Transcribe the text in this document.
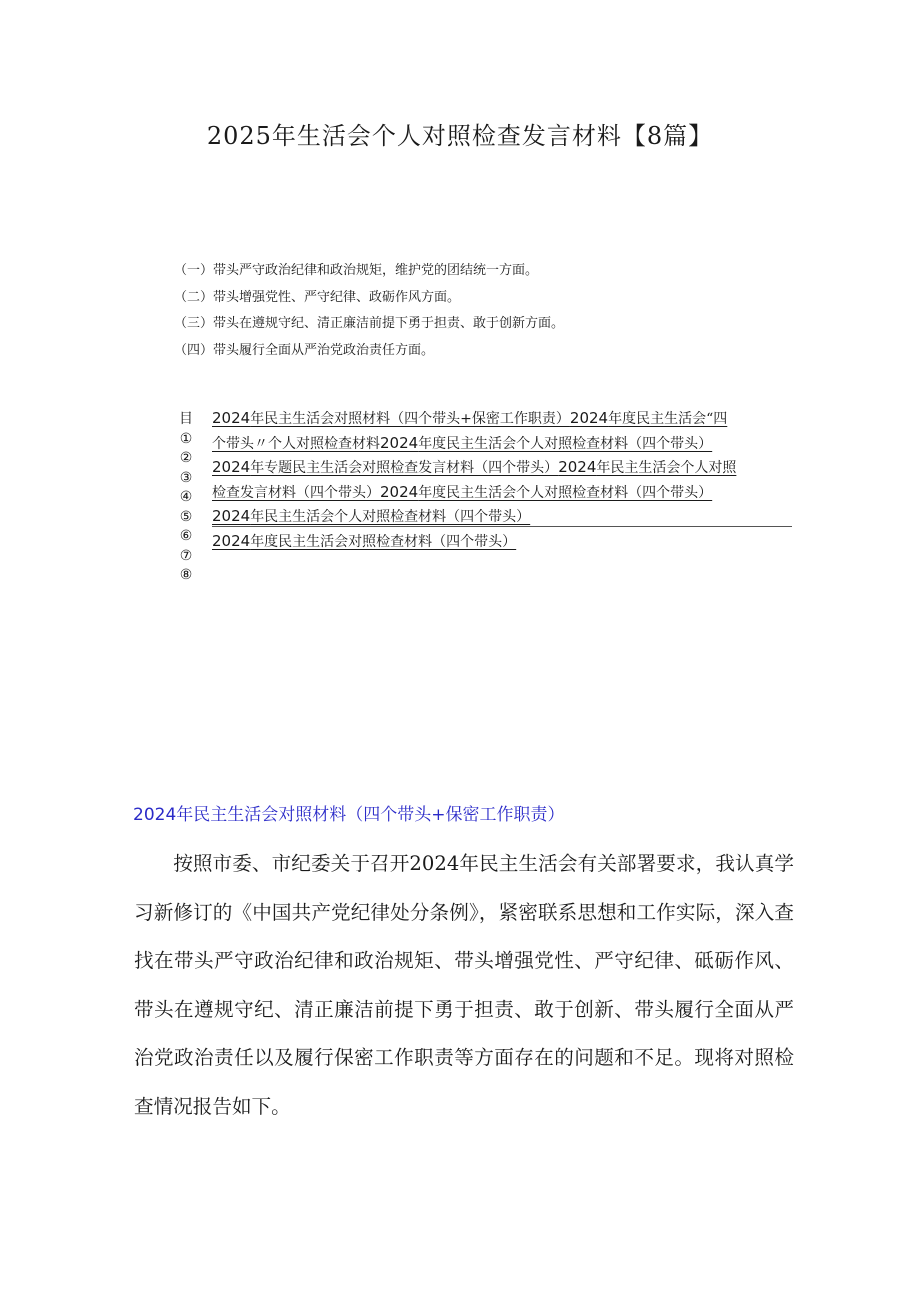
2025年生活会个人对照检查发言材料【8篇】
（一）带头严守政治纪律和政治规矩，维护党的团结统一方面。
（二）带头增强党性、严守纪律、政砺作风方面。
（三）带头在遵规守纪、清正廉洁前提下勇于担责、敢于创新方面。
（四）带头履行全面从严治党政治责任方面。
目
①
②
③
④
⑤
⑥
⑦
⑧
2024年民主生活会对照材料（四个带头+保密工作职责）2024年度民主生活会“四
个带头〃个人对照检查材料2024年度民主生活会个人对照检查材料（四个带头）
2024年专题民主生活会对照检查发言材料（四个带头）2024年民主生活会个人对照
检查发言材料（四个带头）2024年度民主生活会个人对照检查材料（四个带头）
2024年民主生活会个人对照检查材料（四个带头）
2024年度民主生活会对照检查材料（四个带头）
2024年民主生活会对照材料（四个带头+保密工作职责）

按照市委、市纪委关于召开2024年民主生活会有关部署要求，我认真学习新修订的《中国共产党纪律处分条例》，紧密联系思想和工作实际，深入查找在带头严守政治纪律和政治规矩、带头增强党性、严守纪律、砥砺作风、带头在遵规守纪、清正廉洁前提下勇于担责、敢于创新、带头履行全面从严治党政治责任以及履行保密工作职责等方面存在的问题和不足。现将对照检查情况报告如下。
